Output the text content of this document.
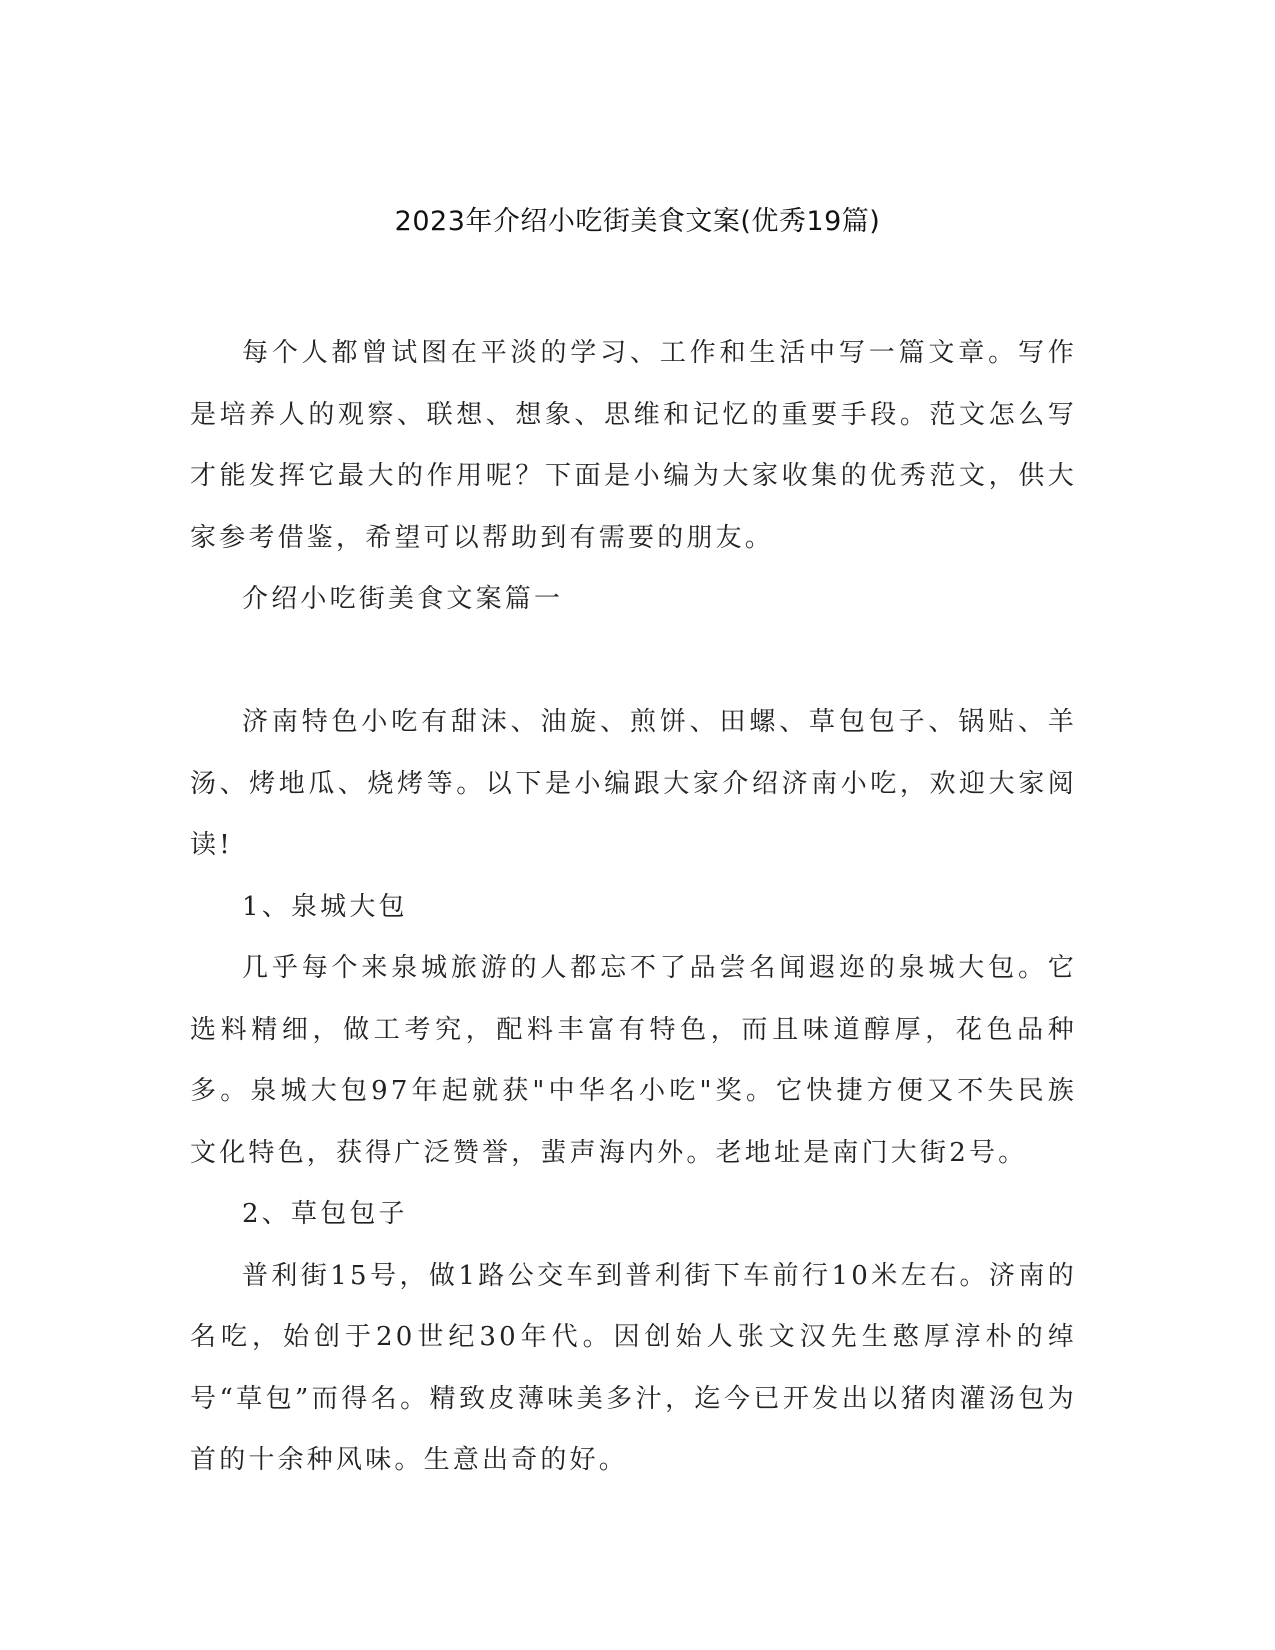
2023年介绍小吃街美食文案(优秀19篇)

每个人都曾试图在平淡的学习、工作和生活中写一篇文章。写作是培养人的观察、联想、想象、思维和记忆的重要手段。范文怎么写才能发挥它最大的作用呢？下面是小编为大家收集的优秀范文，供大家参考借鉴，希望可以帮助到有需要的朋友。

介绍小吃街美食文案篇一

济南特色小吃有甜沫、油旋、煎饼、田螺、草包包子、锅贴、羊汤、烤地瓜、烧烤等。以下是小编跟大家介绍济南小吃，欢迎大家阅读!

1、泉城大包

几乎每个来泉城旅游的人都忘不了品尝名闻遐迩的泉城大包。它选料精细，做工考究，配料丰富有特色，而且味道醇厚，花色品种多。泉城大包97年起就获"中华名小吃"奖。它快捷方便又不失民族文化特色，获得广泛赞誉，蜚声海内外。老地址是南门大街2号。

2、草包包子

普利街15号，做1路公交车到普利街下车前行10米左右。济南的名吃，始创于20世纪30年代。因创始人张文汉先生憨厚淳朴的绰号“草包”而得名。精致皮薄味美多汁，迄今已开发出以猪肉灌汤包为首的十余种风味。生意出奇的好。
